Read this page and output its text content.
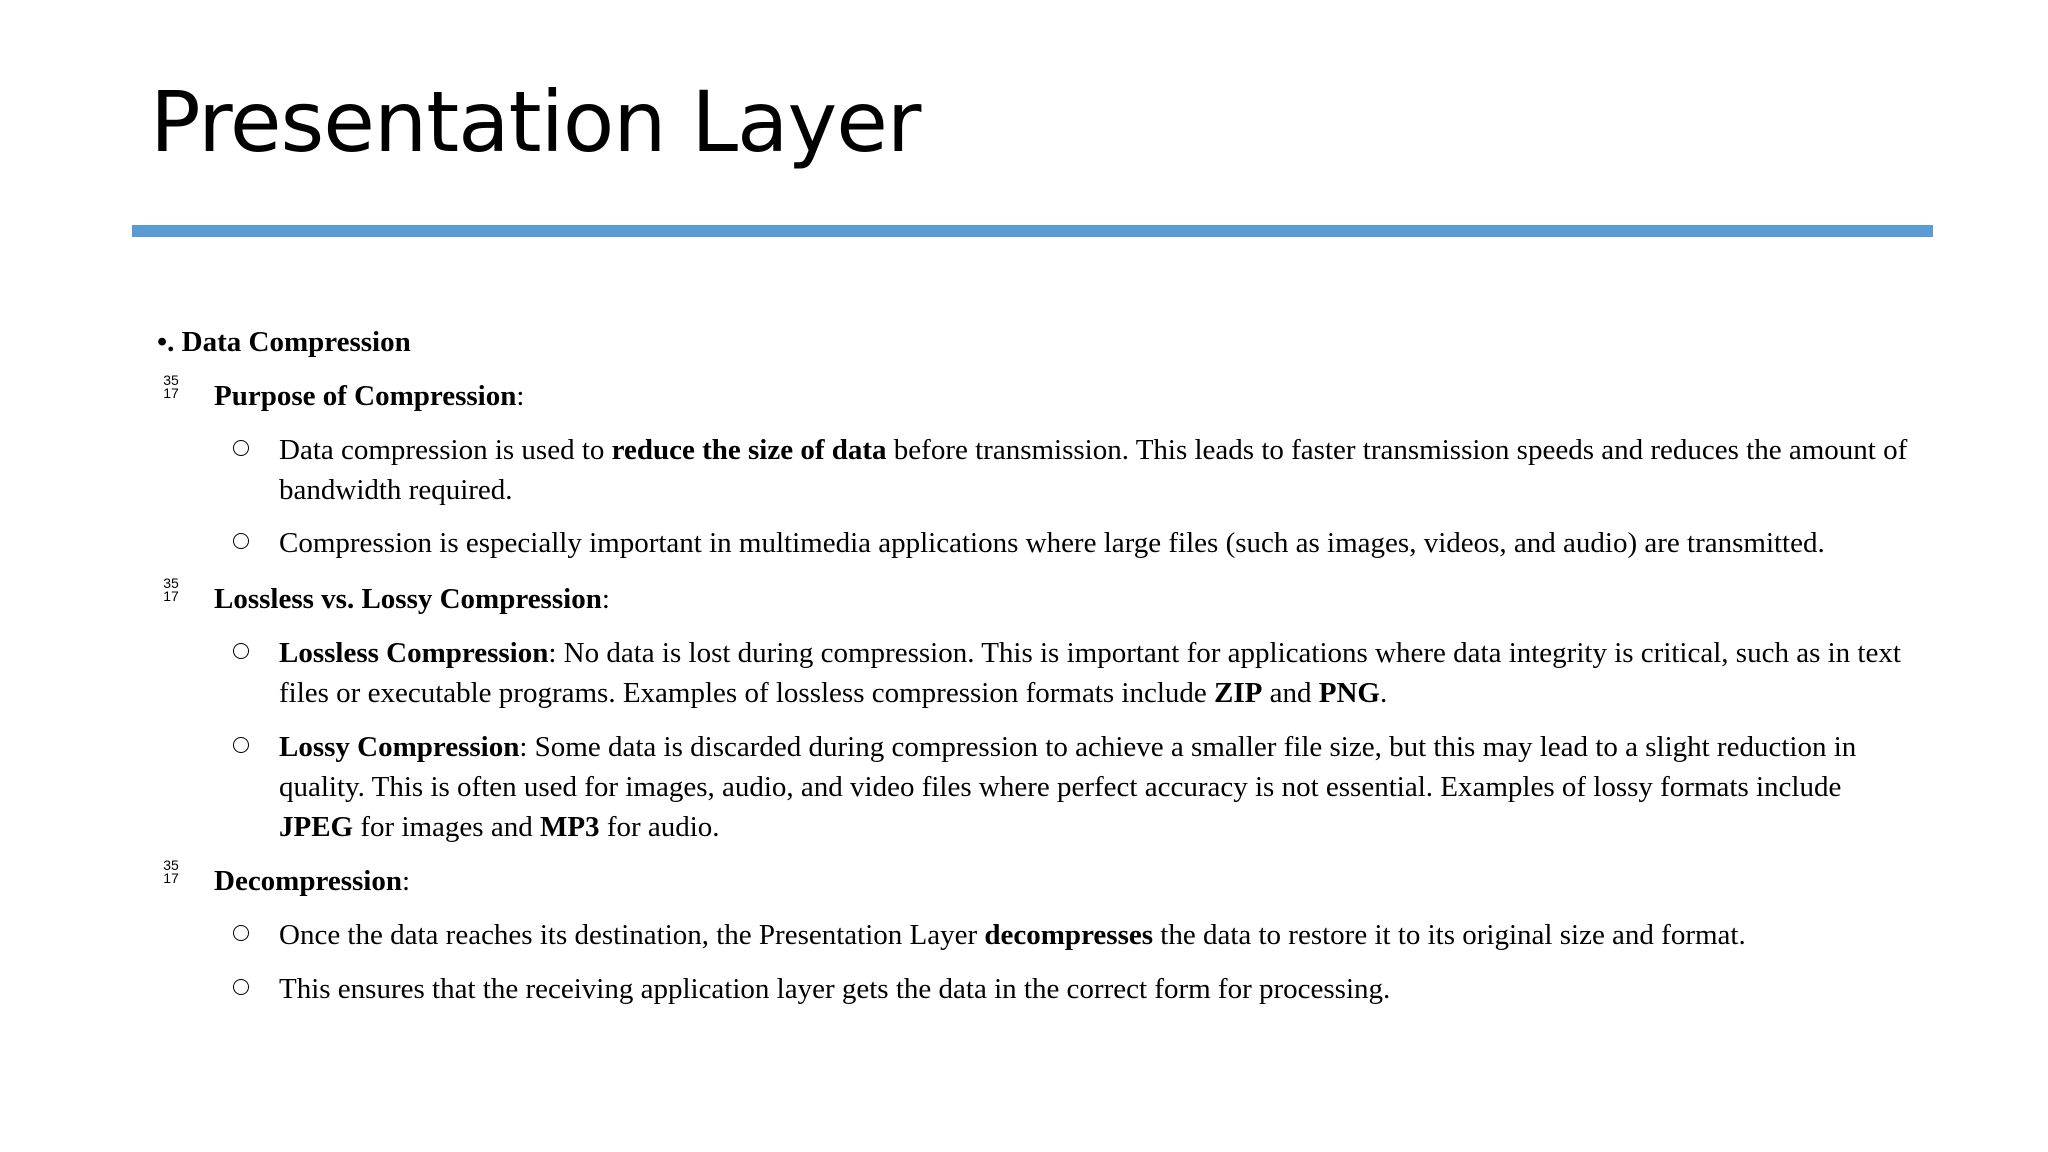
Presentation Layer
•. Data Compression
35
17 Purpose of Compression:
Data compression is used to reduce the size of data before transmission. This leads to faster transmission speeds and reduces the amount of bandwidth required.
Compression is especially important in multimedia applications where large files (such as images, videos, and audio) are transmitted.
35
17 Lossless vs. Lossy Compression:
Lossless Compression: No data is lost during compression. This is important for applications where data integrity is critical, such as in text files or executable programs. Examples of lossless compression formats include ZIP and PNG.
Lossy Compression: Some data is discarded during compression to achieve a smaller file size, but this may lead to a slight reduction in quality. This is often used for images, audio, and video files where perfect accuracy is not essential. Examples of lossy formats include JPEG for images and MP3 for audio.
35
17 Decompression:
Once the data reaches its destination, the Presentation Layer decompresses the data to restore it to its original size and format.
This ensures that the receiving application layer gets the data in the correct form for processing.
